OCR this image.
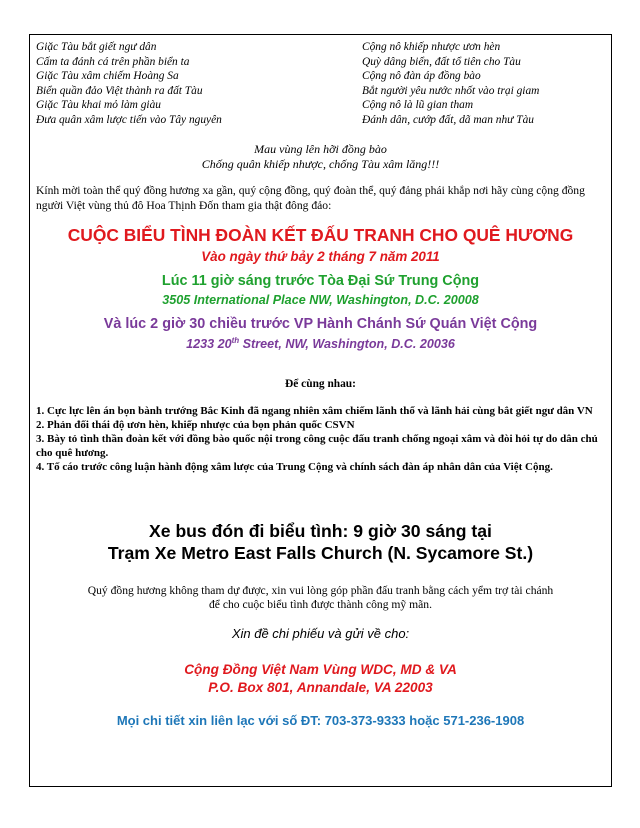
Giặc Tàu bắt giết ngư dân
Cấm ta đánh cá trên phần biển ta
Giặc Tàu xâm chiếm Hoàng Sa
Biển quần đảo Việt thành ra đất Tàu
Giặc Tàu khai mỏ làm giàu
Đưa quân xâm lược tiến vào Tây nguyên
Cộng nô khiếp nhược ươn hèn
Quỳ dâng biển, đất tổ tiên cho Tàu
Cộng nô đàn áp đồng bào
Bắt người yêu nước nhốt vào trại giam
Cộng nô là lũ gian tham
Đánh dân, cướp đất, dã man như Tàu
Mau vùng lên hỡi đồng bào
Chống quân khiếp nhược, chống Tàu xâm lăng!!!
Kính mời toàn thể quý đồng hương xa gần, quý cộng đồng, quý đoàn thể, quý đảng phái khắp nơi hãy cùng cộng đồng người Việt vùng thủ đô Hoa Thịnh Đốn tham gia thật đông đảo:
CUỘC BIỂU TÌNH ĐOÀN KẾT ĐẤU TRANH CHO QUÊ HƯƠNG
Vào ngày thứ bảy 2 tháng 7 năm 2011
Lúc 11 giờ sáng trước Tòa Đại Sứ Trung Cộng
3505 International Place NW, Washington, D.C. 20008
Và lúc 2 giờ 30 chiều trước VP Hành Chánh Sứ Quán Việt Cộng
1233 20th Street, NW, Washington, D.C. 20036
Để cùng nhau:
1. Cực lực lên án bọn bành trướng Bắc Kinh đã ngang nhiên xâm chiếm lãnh thổ và lãnh hải cùng bắt giết ngư dân VN
2. Phản đối thái độ ươn hèn, khiếp nhược của bọn phản quốc CSVN
3. Bày tỏ tình thần đoàn kết với đồng bào quốc nội trong công cuộc đấu tranh chống ngoại xâm và đòi hỏi tự do dân chủ cho quê hương.
4. Tố cáo trước công luận hành động xâm lược của Trung Cộng và chính sách đàn áp nhân dân của Việt Cộng.
Xe bus đón đi biểu tình: 9 giờ 30 sáng tại
Trạm Xe Metro East Falls Church (N. Sycamore St.)
Quý đồng hương không tham dự được, xin vui lòng góp phần đấu tranh bằng cách yểm trợ tài chánh
để cho cuộc biểu tình được thành công mỹ mãn.
Xin đề chi phiếu và gửi về cho:
Cộng Đồng Việt Nam Vùng WDC, MD & VA
P.O. Box 801, Annandale, VA 22003
Mọi chi tiết xin liên lạc với số ĐT: 703-373-9333 hoặc 571-236-1908
